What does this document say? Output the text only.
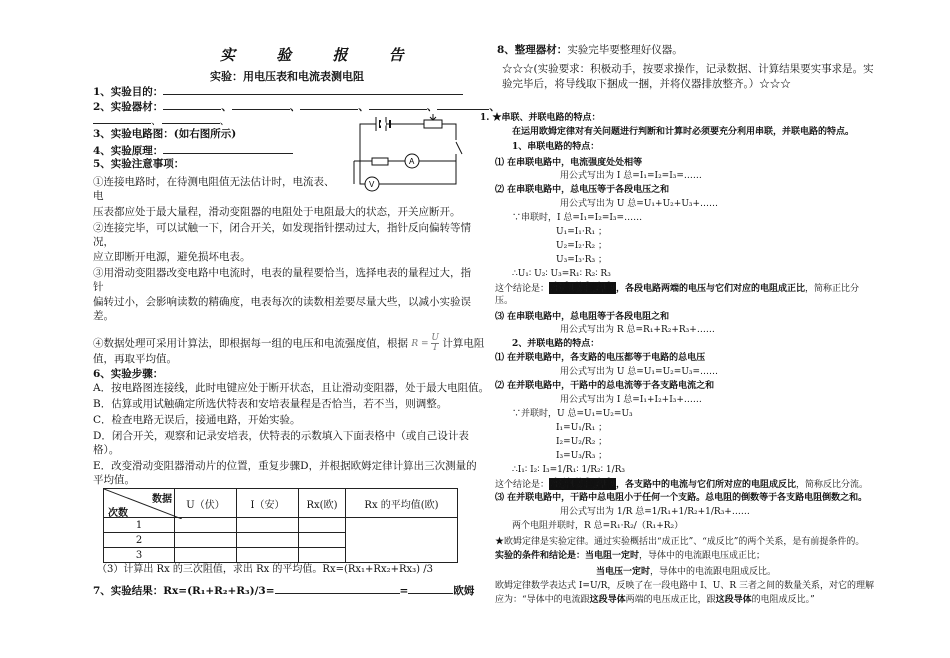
实 验 报 告
实验：用电压表和电流表测电阻
1、实验目的：
2、实验器材：	、	、	、	、	、
、	、
3、实验电路图：(如右图所示)
4、实验原理：
5、实验注意事项：	A
V
①连接电路时，在待测电阻值无法估计时，电流表、
电
压表都应处于最大量程，滑动变阻器的电阻处于电阻最大的状态，开关应断开。
②连接完毕，可以试触一下，闭合开关，如发现指针摆动过大，指针反向偏转等情
况，
应立即断开电源，避免损坏电表。
③用滑动变阻器改变电路中电流时，电表的量程要恰当，选择电表的量程过大，指
针
偏转过小，会影响读数的精确度，电表每次的读数相差要尽量大些，以减小实验误
差。
④数据处理可采用计算法，即根据每一组的电压和电流强度值，根据 $R = \frac{U}{I}$ 计算电阻
值，再取平均值。
6、实验步骤：
A．按电路图连接线，此时电键应处于断开状态，且让滑动变阻器，处于最大电阻值。
B．估算或用试触确定所选伏特表和安培表量程是否恰当，若不当，则调整。
C．检查电路无误后，接通电路，开始实验。
D．闭合开关，观察和记录安培表，伏特表的示数填入下面表格中（或自己设计表
格）。
E．改变滑动变阻器滑动片的位置，重复步骤D，并根据欧姆定律计算出三次测量的
平均值。
数据
次数	U（伏）	I（安）	Rx(欧)	Rx 的平均值(欧)
1				
2				
3				
（3）计算出 Rx 的三次阻值，求出 Rx 的平均值。Rx=(Rx₁+Rx₂+Rx₃) /3
7、实验结果：Rx=(R₁+R₂+R₃)/3=	=	欧姆
8、整理器材：实验完毕要整理好仪器。
☆☆☆(实验要求：积极动手，按要求操作，记录数据、计算结果要实事求是。实
验完毕后，将导线取下捆成一捆，并将仪器排放整齐。）☆☆☆
1. ★串联、并联电路的特点：
在运用欧姆定律对有关问题进行判断和计算时必须要充分利用串联，并联电路的特点。
1、串联电路的特点：
⑴ 在串联电路中，电流强度处处相等
用公式写出为 I 总=I₁=I₂=I₃=……
⑵ 在串联电路中，总电压等于各段电压之和
用公式写出为 U 总=U₁+U₂+U₃+……
∵串联时，I 总=I₁=I₂=I₃=……
U₁=I₁·R₁ ；
U₂=I₂·R₂ ；
U₃=I₃·R₃ ；
∴U₁∶ U₂∶ U₃=R₁∶ R₂∶ R₃
这个结论是： 在串联电路中 ，各段电路两端的电压与它们对应的电阻成正比，简称正比分
压。
⑶ 在串联电路中，总电阻等于各段电阻之和
用公式写出为 R 总=R₁+R₂+R₃+……
2、并联电路的特点：
⑴ 在并联电路中，各支路的电压都等于电路的总电压
用公式写出为 U 总=U₁=U₂=U₃=……
⑵ 在并联电路中，干路中的总电流等于各支路电流之和
用公式写出为 I 总=I₁+I₂+I₃+……
∵并联时，U 总=U₁=U₂=U₃
I₁=U₁/R₁ ；
I₂=U₂/R₂ ；
I₃=U₃/R₃ ；
∴I₁∶ I₂∶ I₃=1/R₁∶ 1/R₂∶ 1/R₃
这个结论是： 在并联电路中 ，各支路中的电流与它们所对应的电阻成反比，简称反比分流。
⑶ 在并联电路中，干路中总电阻小于任何一个支路。总电阻的倒数等于各支路电阻倒数之和。
用公式写出为 1/R 总=1/R₁+1/R₂+1/R₃+……
两个电阻并联时，R 总=R₁·R₂/（R₁+R₂）
★欧姆定律是实验定律。通过实验概括出“成正比”、“成反比”的两个关系，是有前提条件的。
实验的条件和结论是：当电阻一定时，导体中的电流跟电压成正比；
当电压一定时，导体中的电流跟电阻成反比。
欧姆定律数学表达式 I=U/R，反映了在一段电路中 I、U、R 三者之间的数量关系，对它的理解
应为：“导体中的电流跟这段导体两端的电压成正比，跟这段导体的电阻成反比。”
